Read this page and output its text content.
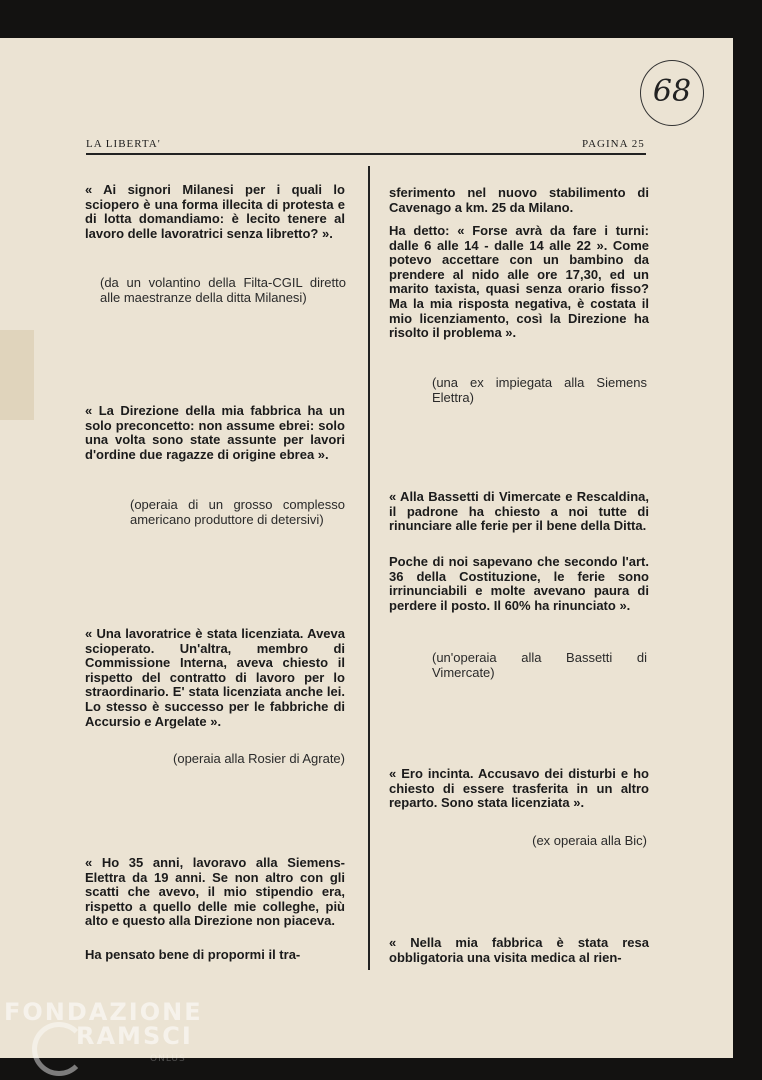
68
LA LIBERTA'	PAGINA 25

« Ai signori Milanesi per i quali lo sciopero è una forma illecita di protesta e di lotta domandiamo: è lecito tenere al lavoro delle lavoratrici senza libretto? ».

(da un volantino della Filta-CGIL diretto alle maestranze della ditta Milanesi)

« La Direzione della mia fabbrica ha un solo preconcetto: non assume ebrei: solo una volta sono state assunte per lavori d'ordine due ragazze di origine ebrea ».

(operaia di un grosso complesso americano produttore di detersivi)

« Una lavoratrice è stata licenziata. Aveva scioperato. Un'altra, membro di Commissione Interna, aveva chiesto il rispetto del contratto di lavoro per lo straordinario. E' stata licenziata anche lei. Lo stesso è successo per le fabbriche di Accursio e Argelate ».

(operaia alla Rosier di Agrate)

« Ho 35 anni, lavoravo alla Siemens-Elettra da 19 anni. Se non altro con gli scatti che avevo, il mio stipendio era, rispetto a quello delle mie colleghe, più alto e questo alla Direzione non piaceva.

Ha pensato bene di propormi il tra-

sferimento nel nuovo stabilimento di Cavenago a km. 25 da Milano.

Ha detto: « Forse avrà da fare i turni: dalle 6 alle 14 - dalle 14 alle 22 ». Come potevo accettare con un bambino da prendere al nido alle ore 17,30, ed un marito taxista, quasi senza orario fisso? Ma la mia risposta negativa, è costata il mio licenziamento, così la Direzione ha risolto il problema ».

(una ex impiegata alla Siemens Elettra)

« Alla Bassetti di Vimercate e Rescaldina, il padrone ha chiesto a noi tutte di rinunciare alle ferie per il bene della Ditta.

Poche di noi sapevano che secondo l'art. 36 della Costituzione, le ferie sono irrinunciabili e molte avevano paura di perdere il posto. Il 60% ha rinunciato ».

(un'operaia alla Bassetti di Vimercate)

« Ero incinta. Accusavo dei disturbi e ho chiesto di essere trasferita in un altro reparto. Sono stata licenziata ».

(ex operaia alla Bic)

« Nella mia fabbrica è stata resa obbligatoria una visita medica al rien-

FONDAZIONE
RAMSCI
ONLUS
